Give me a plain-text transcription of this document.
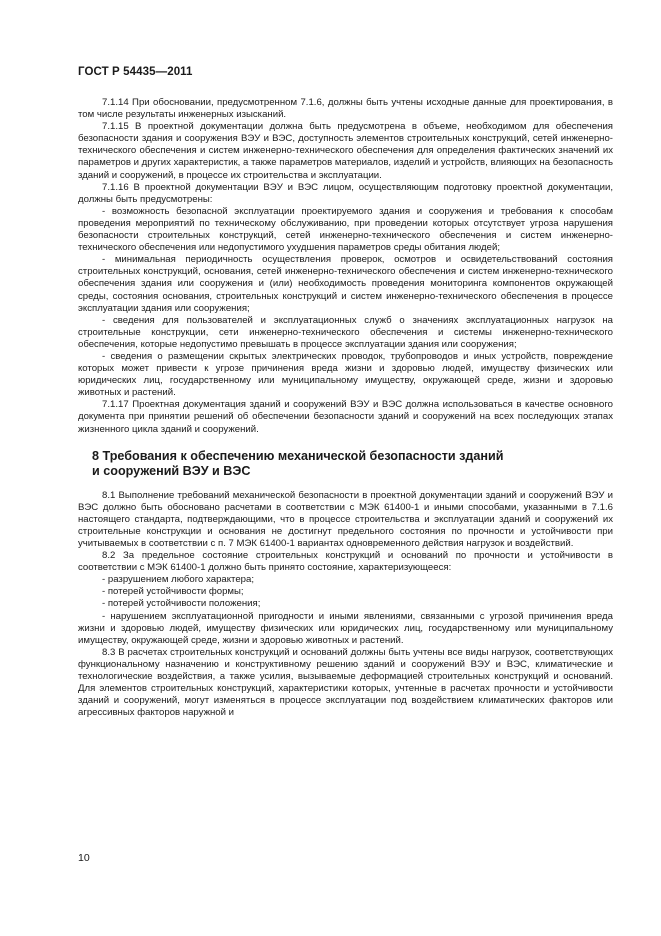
ГОСТ Р 54435—2011

7.1.14 При обосновании, предусмотренном 7.1.6, должны быть учтены исходные данные для проектирования, в том числе результаты инженерных изысканий.

7.1.15 В проектной документации должна быть предусмотрена в объеме, необходимом для обеспечения безопасности здания и сооружения ВЭУ и ВЭС, доступность элементов строительных конструкций, сетей инженерно-технического обеспечения и систем инженерно-технического обеспечения для определения фактических значений их параметров и других характеристик, а также параметров материалов, изделий и устройств, влияющих на безопасность зданий и сооружений, в процессе их строительства и эксплуатации.

7.1.16 В проектной документации ВЭУ и ВЭС лицом, осуществляющим подготовку проектной документации, должны быть предусмотрены:

- возможность безопасной эксплуатации проектируемого здания и сооружения и требования к способам проведения мероприятий по техническому обслуживанию, при проведении которых отсутствует угроза нарушения безопасности строительных конструкций, сетей инженерно-технического обеспечения и систем инженерно-технического обеспечения или недопустимого ухудшения параметров среды обитания людей;

- минимальная периодичность осуществления проверок, осмотров и освидетельствований состояния строительных конструкций, основания, сетей инженерно-технического обеспечения и систем инженерно-технического обеспечения здания или сооружения и (или) необходимость проведения мониторинга компонентов окружающей среды, состояния основания, строительных конструкций и систем инженерно-технического обеспечения в процессе эксплуатации здания или сооружения;

- сведения для пользователей и эксплуатационных служб о значениях эксплуатационных нагрузок на строительные конструкции, сети инженерно-технического обеспечения и системы инженерно-технического обеспечения, которые недопустимо превышать в процессе эксплуатации здания или сооружения;

- сведения о размещении скрытых электрических проводок, трубопроводов и иных устройств, повреждение которых может привести к угрозе причинения вреда жизни и здоровью людей, имуществу физических или юридических лиц, государственному или муниципальному имуществу, окружающей среде, жизни и здоровью животных и растений.

7.1.17 Проектная документация зданий и сооружений ВЭУ и ВЭС должна использоваться в качестве основного документа при принятии решений об обеспечении безопасности зданий и сооружений на всех последующих этапах жизненного цикла зданий и сооружений.

8 Требования к обеспечению механической безопасности зданий
и сооружений ВЭУ и ВЭС

8.1 Выполнение требований механической безопасности в проектной документации зданий и сооружений ВЭУ и ВЭС должно быть обосновано расчетами в соответствии с МЭК 61400-1 и иными способами, указанными в 7.1.6 настоящего стандарта, подтверждающими, что в процессе строительства и эксплуатации зданий и сооружений их строительные конструкции и основания не достигнут предельного состояния по прочности и устойчивости при учитываемых в соответствии с п. 7 МЭК 61400-1 вариантах одновременного действия нагрузок и воздействий.

8.2 За предельное состояние строительных конструкций и оснований по прочности и устойчивости в соответствии с МЭК 61400-1 должно быть принято состояние, характеризующееся:

- разрушением любого характера;

- потерей устойчивости формы;

- потерей устойчивости положения;

- нарушением эксплуатационной пригодности и иными явлениями, связанными с угрозой причинения вреда жизни и здоровью людей, имуществу физических или юридических лиц, государственному или муниципальному имуществу, окружающей среде, жизни и здоровью животных и растений.

8.3 В расчетах строительных конструкций и оснований должны быть учтены все виды нагрузок, соответствующих функциональному назначению и конструктивному решению зданий и сооружений ВЭУ и ВЭС, климатические и технологические воздействия, а также усилия, вызываемые деформацией строительных конструкций и оснований. Для элементов строительных конструкций, характеристики которых, учтенные в расчетах прочности и устойчивости зданий и сооружений, могут изменяться в процессе эксплуатации под воздействием климатических факторов или агрессивных факторов наружной и

10
